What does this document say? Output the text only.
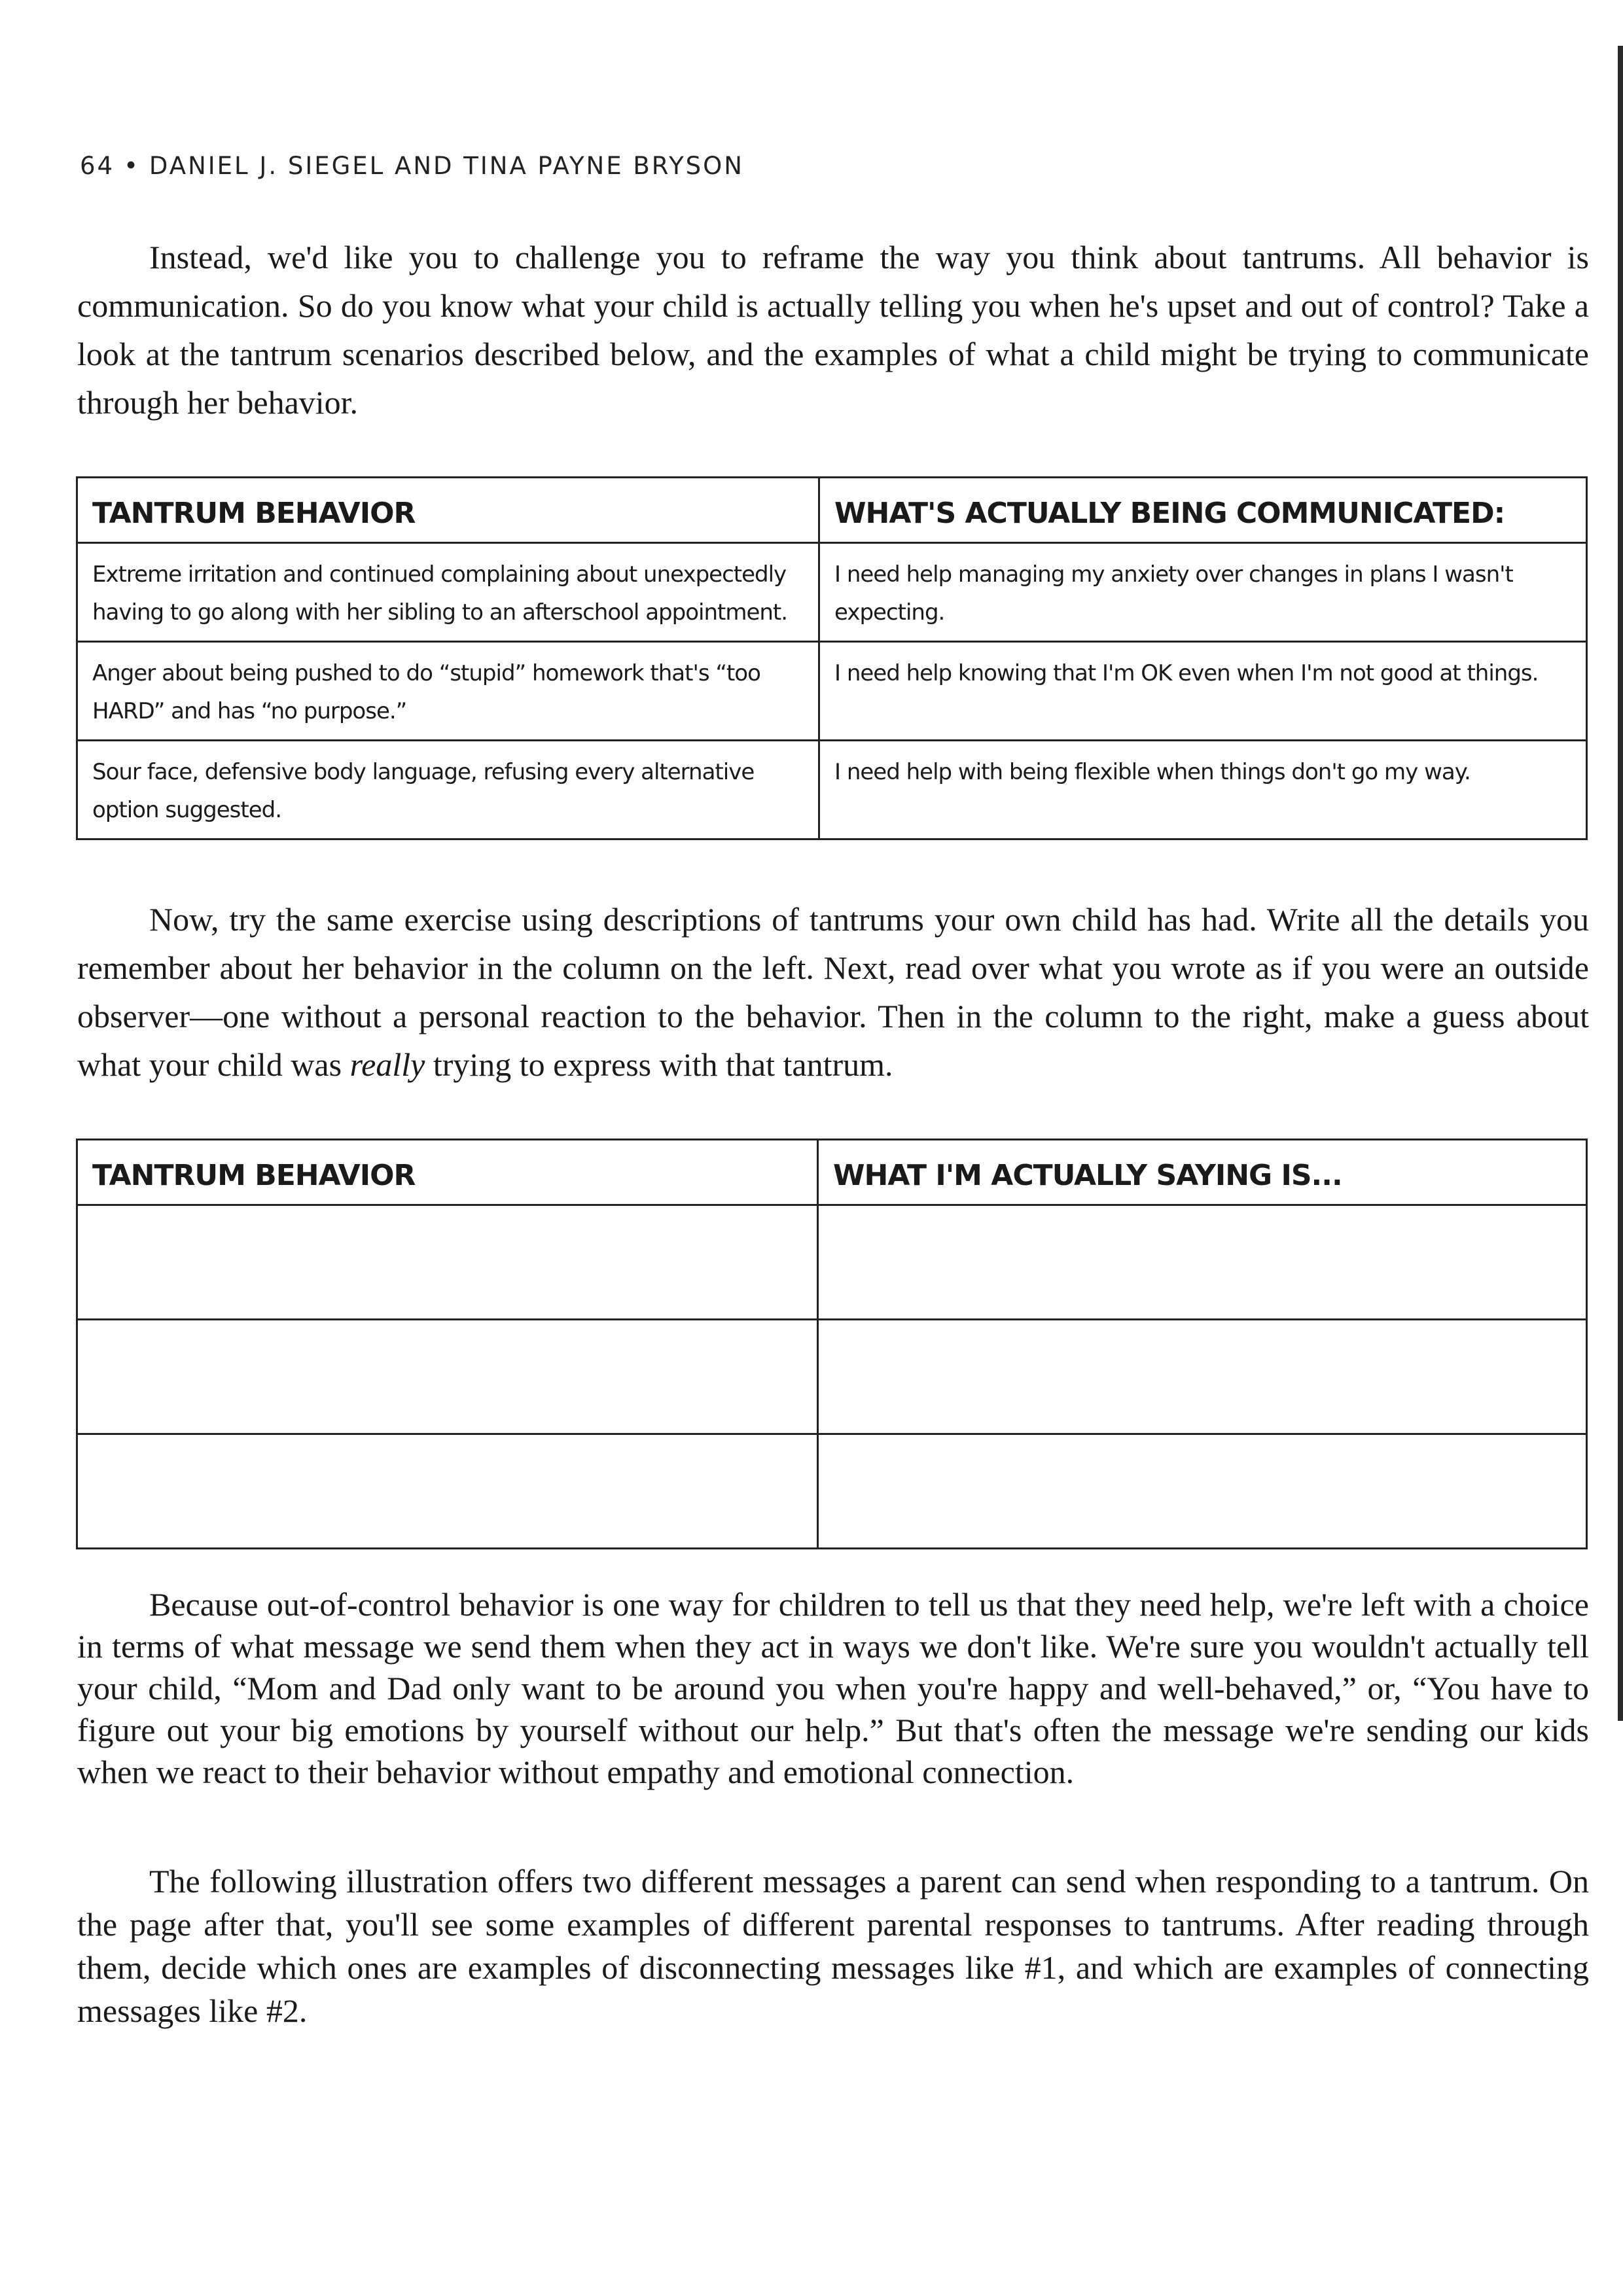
64 • DANIEL J. SIEGEL AND TINA PAYNE BRYSON

Instead, we'd like you to challenge you to reframe the way you think about tantrums. All behavior is communication. So do you know what your child is actually telling you when he's upset and out of control? Take a look at the tantrum scenarios described below, and the examples of what a child might be trying to communicate through her behavior.

TANTRUM BEHAVIOR	WHAT'S ACTUALLY BEING COMMUNICATED:
Extreme irritation and continued complaining about unexpectedly having to go along with her sibling to an afterschool appointment.	I need help managing my anxiety over changes in plans I wasn't expecting.
Anger about being pushed to do “stupid” homework that's “too HARD” and has “no purpose.”	I need help knowing that I'm OK even when I'm not good at things.
Sour face, defensive body language, refusing every alternative option suggested.	I need help with being flexible when things don't go my way.

Now, try the same exercise using descriptions of tantrums your own child has had. Write all the details you remember about her behavior in the column on the left. Next, read over what you wrote as if you were an outside observer—one without a personal reaction to the behavior. Then in the column to the right, make a guess about what your child was really trying to express with that tantrum.

TANTRUM BEHAVIOR	WHAT I'M ACTUALLY SAYING IS...

Because out-of-control behavior is one way for children to tell us that they need help, we're left with a choice in terms of what message we send them when they act in ways we don't like. We're sure you wouldn't actually tell your child, “Mom and Dad only want to be around you when you're happy and well-behaved,” or, “You have to figure out your big emotions by yourself without our help.” But that's often the message we're sending our kids when we react to their behavior without empathy and emotional connection.

The following illustration offers two different messages a parent can send when responding to a tantrum. On the page after that, you'll see some examples of different parental responses to tantrums. After reading through them, decide which ones are examples of disconnecting messages like #1, and which are examples of connecting messages like #2.
